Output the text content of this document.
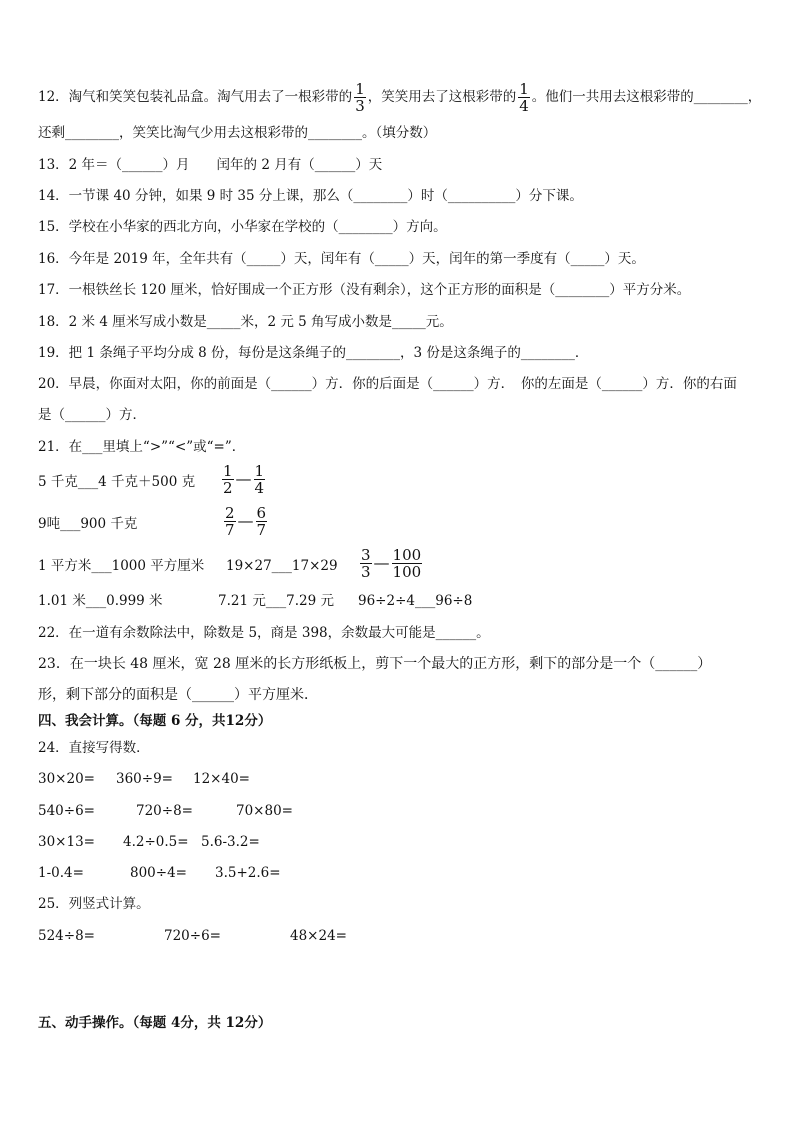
12．淘气和笑笑包装礼品盒。淘气用去了一根彩带的 $\frac{1}{3}$ ，笑笑用去了这根彩带的 $\frac{1}{4}$ 。他们一共用去这根彩带的________，
还剩________，笑笑比淘气少用去这根彩带的________。（填分数）
13．2 年＝（______）月　　闰年的 2 月有（______）天
14．一节课 40 分钟，如果 9 时 35 分上课，那么（________）时（__________）分下课。
15．学校在小华家的西北方向，小华家在学校的（________）方向。
16．今年是 2019 年，全年共有（_____）天，闰年有（_____）天，闰年的第一季度有（_____）天。
17．一根铁丝长 120 厘米，恰好围成一个正方形（没有剩余），这个正方形的面积是（________）平方分米。
18．2 米 4 厘米写成小数是_____米，2 元 5 角写成小数是_____元。
19．把 1 条绳子平均分成 8 份，每份是这条绳子的________，3 份是这条绳子的________．
20．早晨，你面对太阳，你的前面是（______）方．你的后面是（______）方．　你的左面是（______）方．你的右面
是（______）方．
21．在___里填上“>”“<”或“=”．
5 千克___4 千克＋500 克 $\frac{1}{2}$ — $\frac{1}{4}$
9吨___900 千克	$\frac{2}{7}$ — $\frac{6}{7}$
1 平方米___1000 平方厘米 19×27___17×29 $\frac{3}{3}$ — $\frac{100}{100}$
1.01 米___0.999 米	7.21 元___7.29 元 96÷2÷4___96÷8
22．在一道有余数除法中，除数是 5，商是 398，余数最大可能是______。
23．在一块长 48 厘米，宽 28 厘米的长方形纸板上，剪下一个最大的正方形，剩下的部分是一个（______）
形，剩下部分的面积是（______）平方厘米．
四、我会计算。（每题 6 分，共12分）
24．直接写得数．
30×20= 360÷9= 12×40=
540÷6=	720÷8=	70×80=
30×13= 4.2÷0.5= 5.6-3.2=
1-0.4=	800÷4= 3.5+2.6=
25．列竖式计算。
524÷8=	720÷6=	48×24=
五、动手操作。（每题 4分，共 12分）
